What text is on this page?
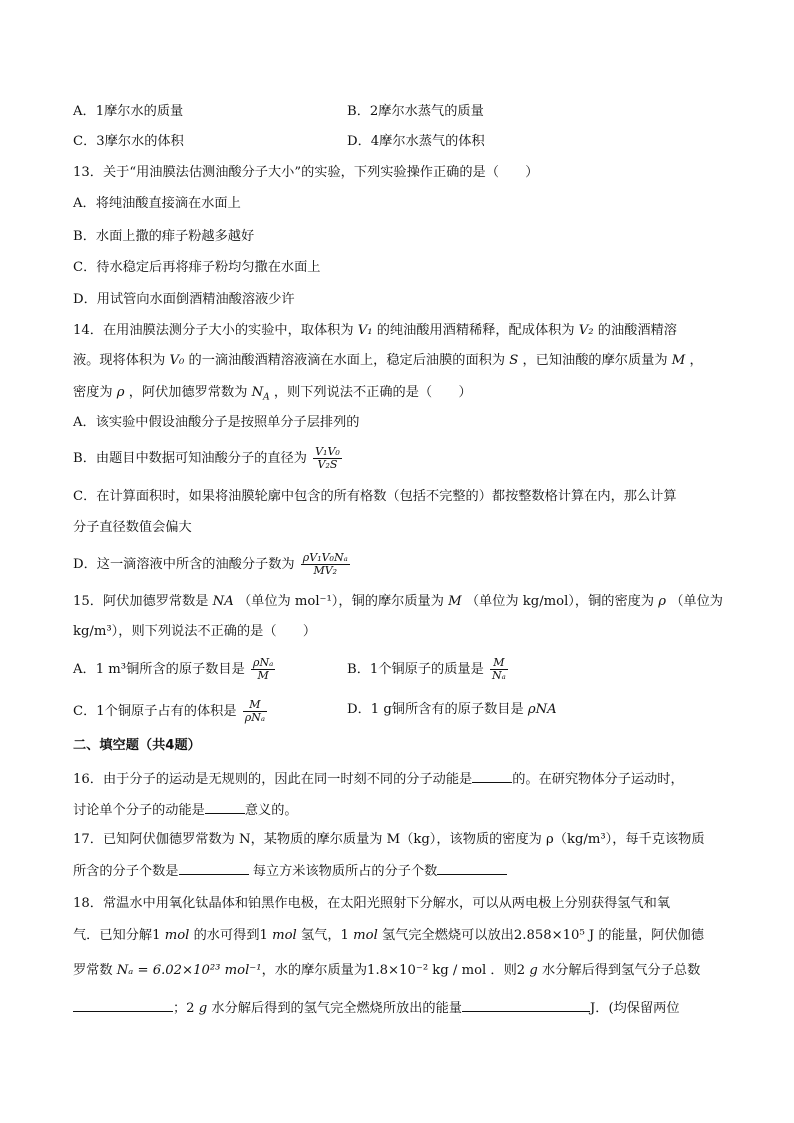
A．1摩尔水的质量	B．2摩尔水蒸气的质量
C．3摩尔水的体积	D．4摩尔水蒸气的体积
13．关于“用油膜法估测油酸分子大小”的实验，下列实验操作正确的是（　　）
A．将纯油酸直接滴在水面上
B．水面上撒的痱子粉越多越好
C．待水稳定后再将痱子粉均匀撒在水面上
D．用试管向水面倒酒精油酸溶液少许
14．在用油膜法测分子大小的实验中，取体积为 V₁ 的纯油酸用酒精稀释，配成体积为 V₂ 的油酸酒精溶
液。现将体积为 V₀ 的一滴油酸酒精溶液滴在水面上，稳定后油膜的面积为 S ，已知油酸的摩尔质量为 M ，
密度为 ρ ，阿伏加德罗常数为 $N_A$ ，则下列说法不正确的是（　　）
A．该实验中假设油酸分子是按照单分子层排列的
B．由题目中数据可知油酸分子的直径为 $\frac{\text{V₁V₀}}{\text{V₂S}}$
C．在计算面积时，如果将油膜轮廓中包含的所有格数（包括不完整的）都按整数格计算在内，那么计算
分子直径数值会偏大
D．这一滴溶液中所含的油酸分子数为 $\frac{\text{ρV₁V₀Nₐ}}{\text{MV₂}}$
15．阿伏加德罗常数是 NA （单位为 mol⁻¹），铜的摩尔质量为 M （单位为 kg/mol），铜的密度为 ρ （单位为
kg/m³），则下列说法不正确的是（　　）
A．1 m³铜所含的原子数目是 $\frac{\text{ρNₐ}}{M}$	B．1个铜原子的质量是 $\frac{M}{\text{Nₐ}}$
C．1个铜原子占有的体积是 $\frac{M}{\text{ρNₐ}}$	D．1 g铜所含有的原子数目是 ρNA
二、填空题（共4题）
16．由于分子的运动是无规则的，因此在同一时刻不同的分子动能是	的。在研究物体分子运动时，
讨论单个分子的动能是	意义的。
17．已知阿伏伽德罗常数为 N，某物质的摩尔质量为 M（kg），该物质的密度为 ρ（kg/m³），每千克该物质
所含的分子个数是	每立方米该物质所占的分子个数
18．常温水中用氧化钛晶体和铂黑作电极，在太阳光照射下分解水，可以从两电极上分别获得氢气和氧
气．已知分解1 mol 的水可得到1 mol 氢气，1 mol 氢气完全燃烧可以放出2.858×10⁵ J 的能量，阿伏伽德
罗常数 Nₐ = 6.02×10²³ mol⁻¹，水的摩尔质量为1.8×10⁻² kg / mol ．则2 g 水分解后得到氢气分子总数
；2 g 水分解后得到的氢气完全燃烧所放出的能量	J．(均保留两位
